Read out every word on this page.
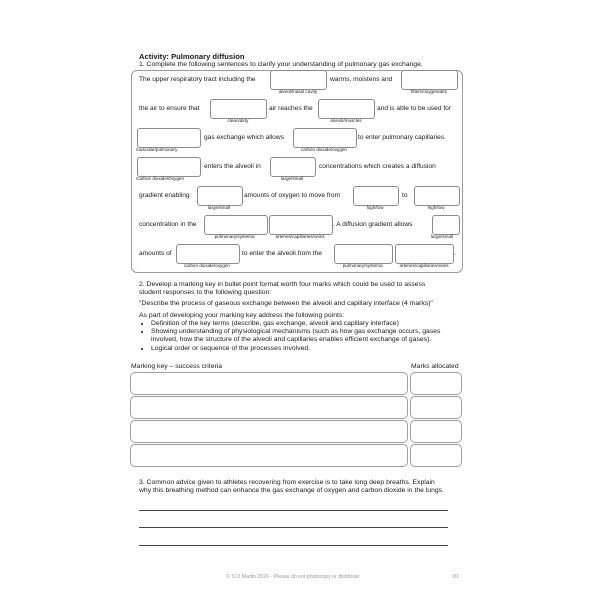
Activity: Pulmonary diffusion
1. Complete the following sentences to clarify your understanding of pulmonary gas exchange.
The upper respiratory tract including the
alveoli/nasal cavity
warms, moistens and
filters/oxygenates
the air to ensure that
clean/dirty
air reaches the
alveoli/muscles
and is able to be used for
muscular/pulmonary
gas exchange which allows
carbon dioxide/oxygen
to enter pulmonary capillaries.
Carbon dioxide/Oxygen
enters the alveoli in
large/small
concentrations which creates a diffusion
gradient enabling
large/small
amounts of oxygen to move from
high/low
to
high/low
concentration in the
pulmonary/systemic	arteries/capillaries/veins
. A diffusion gradient allows
large/small
amounts of
carbon dioxide/oxygen
to enter the alveoli from the
pulmonary/systemic	arteries/capillaries/veins
.
2. Develop a marking key in bullet point format worth four marks which could be used to assess
student responses to the following question:
"Describe the process of gaseous exchange between the alveoli and capillary interface (4 marks)"
As part of developing your marking key address the following points:
• Definition of the key terms (describe, gas exchange, alveoli and capillary interface)
• Showing understanding of physiological mechanisms (such as how gas exchange occurs, gases
involved, how the structure of the alveoli and capillaries enables efficient exchange of gases).
• Logical order or sequence of the processes involved.
Marking key – success criteria	Marks allocated
3. Common advice given to athletes recovering from exercise is to take long deep breaths. Explain
why this breathing method can enhance the gas exchange of oxygen and carbon dioxide in the lungs.
© S O Martin 2026 - Please do not photocopy or distribute	81
